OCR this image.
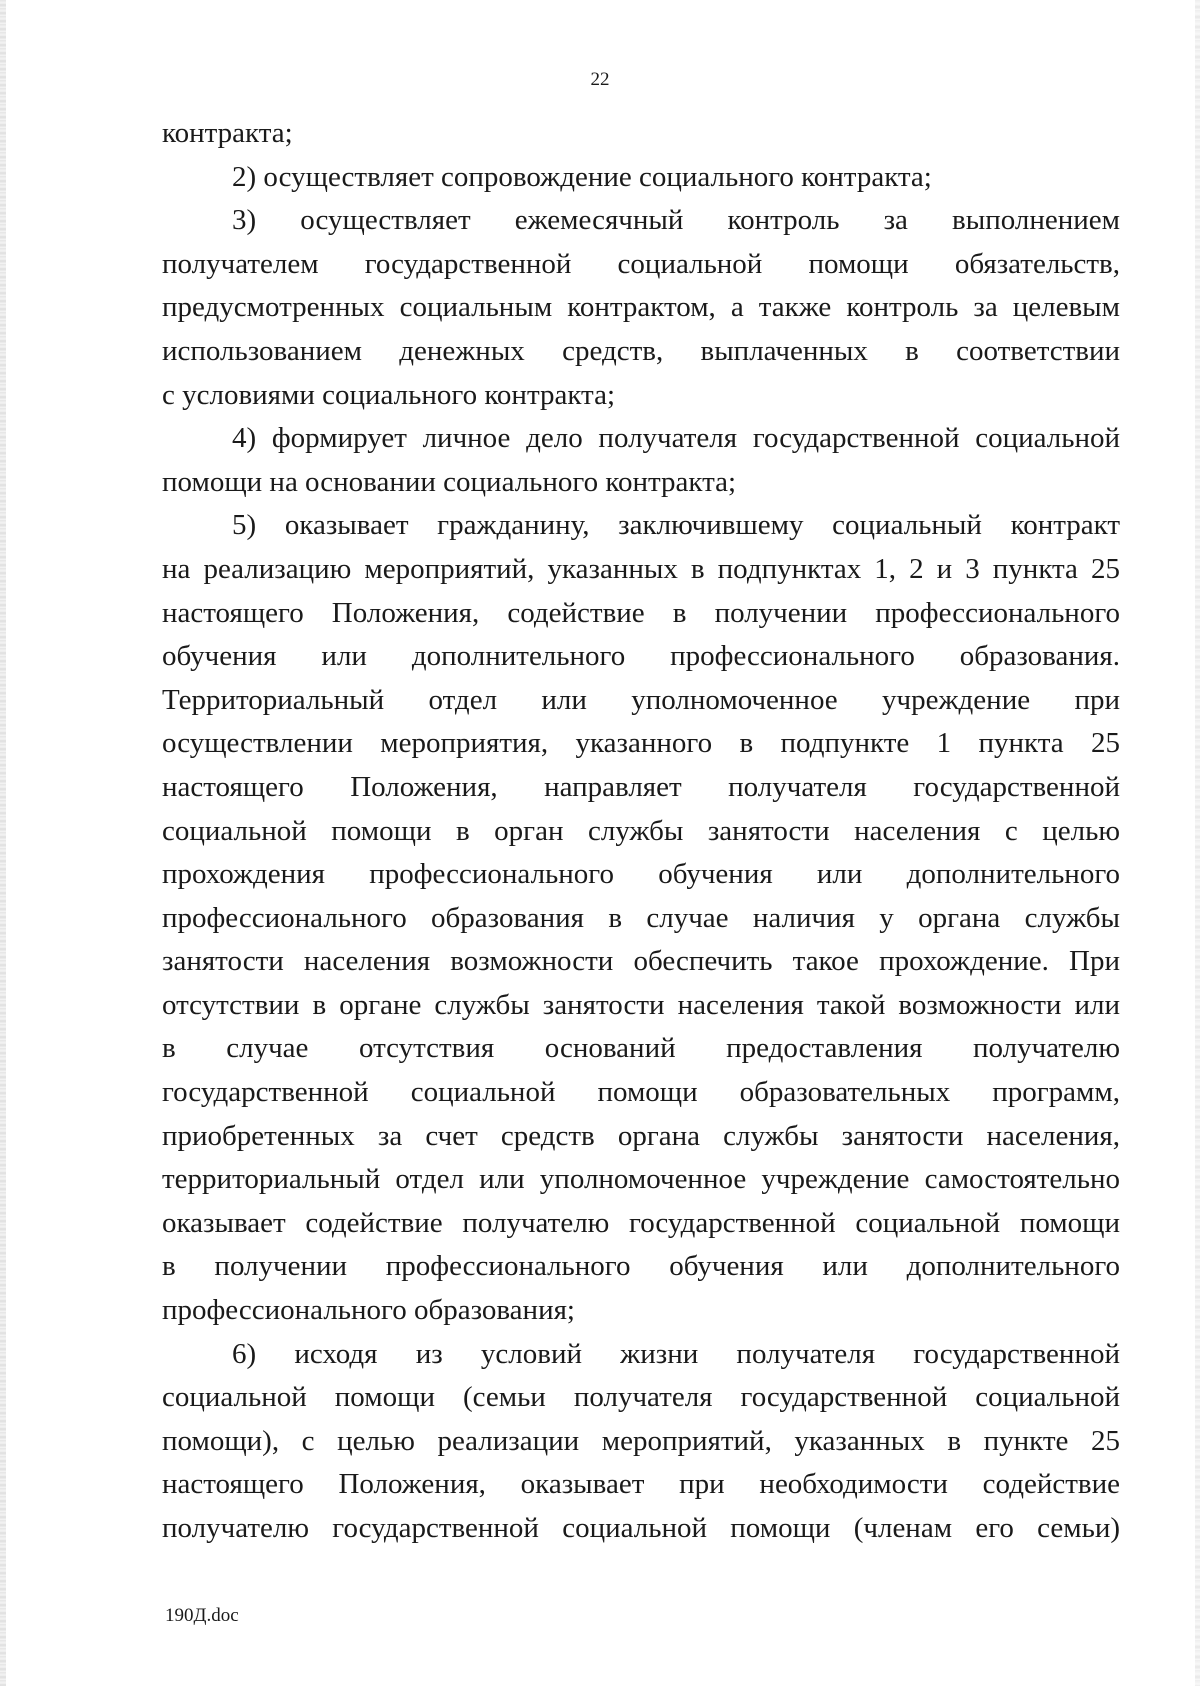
22
контракта;
2) осуществляет сопровождение социального контракта;
3) осуществляет ежемесячный контроль за выполнением
получателем государственной социальной помощи обязательств,
предусмотренных социальным контрактом, а также контроль за целевым
использованием денежных средств, выплаченных в соответствии
с условиями социального контракта;
4) формирует личное дело получателя государственной социальной
помощи на основании социального контракта;
5) оказывает гражданину, заключившему социальный контракт
на реализацию мероприятий, указанных в подпунктах 1, 2 и 3 пункта 25
настоящего Положения, содействие в получении профессионального
обучения или дополнительного профессионального образования.
Территориальный отдел или уполномоченное учреждение при
осуществлении мероприятия, указанного в подпункте 1 пункта 25
настоящего Положения, направляет получателя государственной
социальной помощи в орган службы занятости населения с целью
прохождения профессионального обучения или дополнительного
профессионального образования в случае наличия у органа службы
занятости населения возможности обеспечить такое прохождение. При
отсутствии в органе службы занятости населения такой возможности или
в случае отсутствия оснований предоставления получателю
государственной социальной помощи образовательных программ,
приобретенных за счет средств органа службы занятости населения,
территориальный отдел или уполномоченное учреждение самостоятельно
оказывает содействие получателю государственной социальной помощи
в получении профессионального обучения или дополнительного
профессионального образования;
6) исходя из условий жизни получателя государственной
социальной помощи (семьи получателя государственной социальной
помощи), с целью реализации мероприятий, указанных в пункте 25
настоящего Положения, оказывает при необходимости содействие
получателю государственной социальной помощи (членам его семьи)
190Д.doc
